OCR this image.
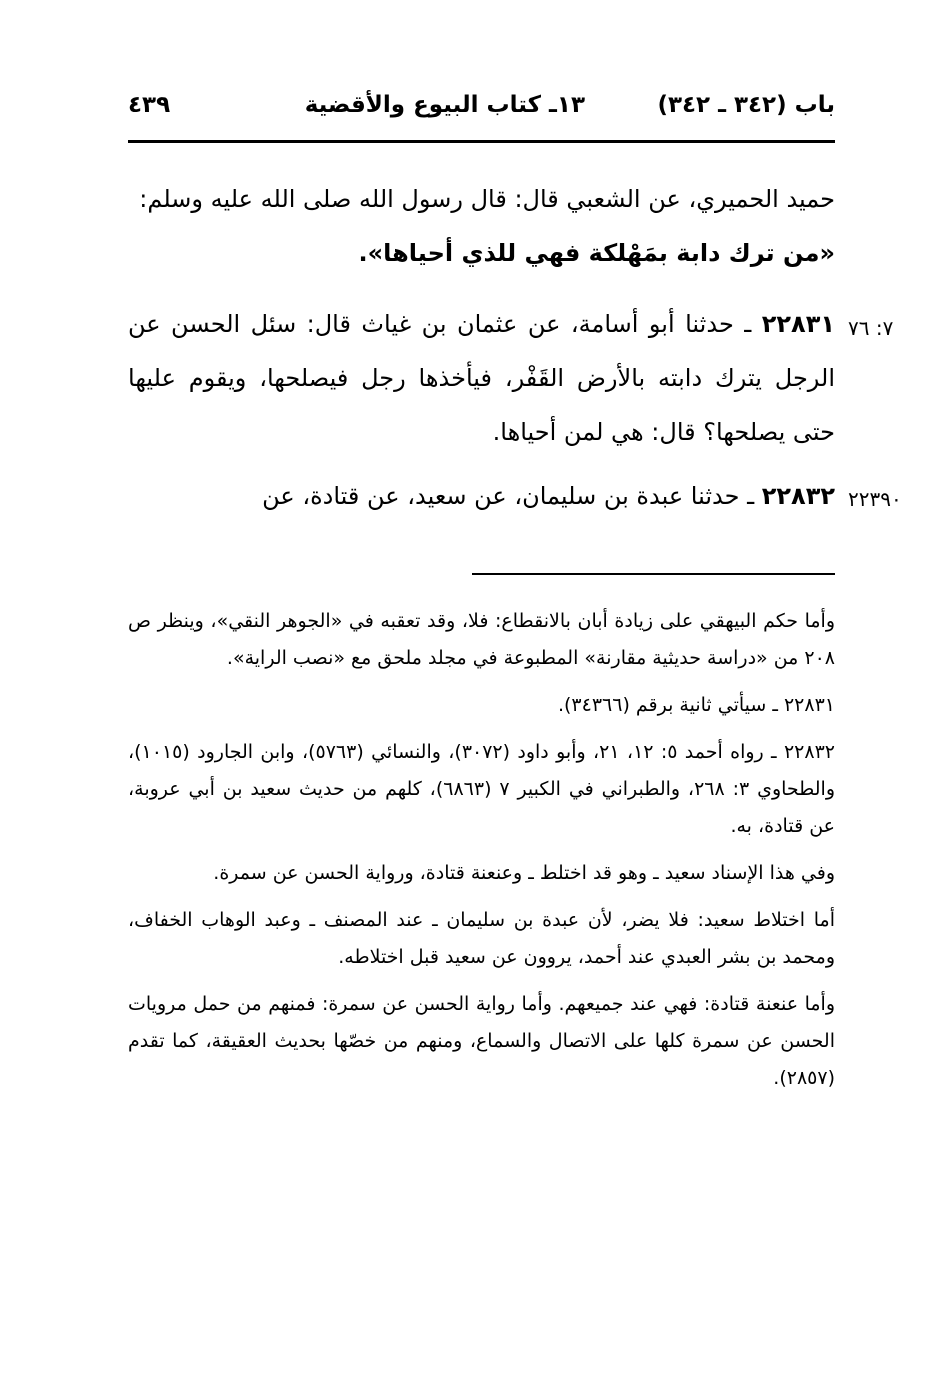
باب (٣٤٢ ـ ٣٤٢)
١٣ـ كتاب البيوع والأقضية
٤٣٩

حميد الحميري، عن الشعبي قال: قال رسول الله صلى الله عليه وسلم:

«من ترك دابة بمَهْلكة فهي للذي أحياها».

٧: ٧٦

٢٢٨٣١ ـ حدثنا أبو أسامة، عن عثمان بن غياث قال: سئل الحسن عن الرجل يترك دابته بالأرض القَفْر، فيأخذها رجل فيصلحها، ويقوم عليها حتى يصلحها؟ قال: هي لمن أحياها.

٢٢٣٩٠

٢٢٨٣٢ ـ حدثنا عبدة بن سليمان، عن سعيد، عن قتادة، عن

وأما حكم البيهقي على زيادة أبان بالانقطاع: فلا، وقد تعقبه في «الجوهر النقي»، وينظر ص ٢٠٨ من «دراسة حديثية مقارنة» المطبوعة في مجلد ملحق مع «نصب الراية».

٢٢٨٣١ ـ سيأتي ثانية برقم (٣٤٣٦٦).

٢٢٨٣٢ ـ رواه أحمد ٥: ١٢، ٢١، وأبو داود (٣٠٧٢)، والنسائي (٥٧٦٣)، وابن الجارود (١٠١٥)، والطحاوي ٣: ٢٦٨، والطبراني في الكبير ٧ (٦٨٦٣)، كلهم من حديث سعيد بن أبي عروبة، عن قتادة، به.

وفي هذا الإسناد سعيد ـ وهو قد اختلط ـ وعنعنة قتادة، ورواية الحسن عن سمرة.

أما اختلاط سعيد: فلا يضر، لأن عبدة بن سليمان ـ عند المصنف ـ وعبد الوهاب الخفاف، ومحمد بن بشر العبدي عند أحمد، يروون عن سعيد قبل اختلاطه.

وأما عنعنة قتادة: فهي عند جميعهم. وأما رواية الحسن عن سمرة: فمنهم من حمل مرويات الحسن عن سمرة كلها على الاتصال والسماع، ومنهم من خصّها بحديث العقيقة، كما تقدم (٢٨٥٧).
